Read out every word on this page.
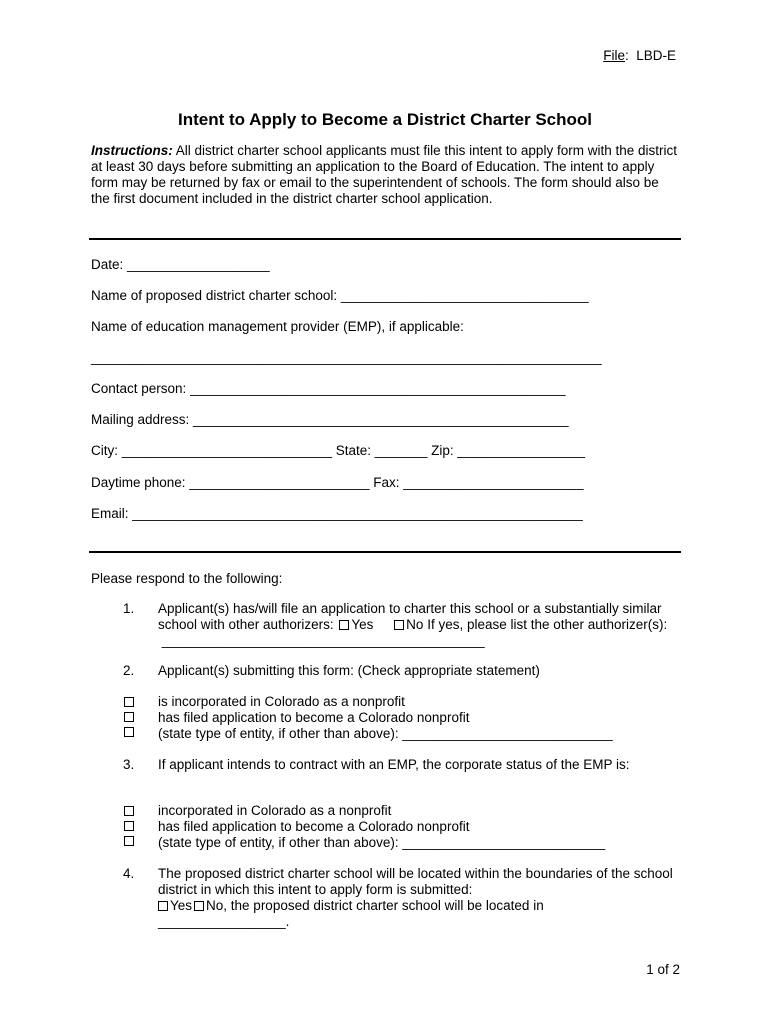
File:  LBD-E
Intent to Apply to Become a District Charter School
Instructions: All district charter school applicants must file this intent to apply form with the district at least 30 days before submitting an application to the Board of Education. The intent to apply form may be returned by fax or email to the superintendent of schools. The form should also be the first document included in the district charter school application.
Date: ___________________
Name of proposed district charter school: _________________________________
Name of education management provider (EMP), if applicable:
____________________________________________________________________
Contact person: __________________________________________________
Mailing address: __________________________________________________
City: ____________________________ State: _______ Zip: _________________
Daytime phone: ________________________ Fax: ________________________
Email: ____________________________________________________________
Please respond to the following:
1. Applicant(s) has/will file an application to charter this school or a substantially similar school with other authorizers: Yes No If yes, please list the other authorizer(s): ___________________________________________
2. Applicant(s) submitting this form: (Check appropriate statement)
is incorporated in Colorado as a nonprofit
has filed application to become a Colorado nonprofit
(state type of entity, if other than above): ____________________________
3. If applicant intends to contract with an EMP, the corporate status of the EMP is:
incorporated in Colorado as a nonprofit
has filed application to become a Colorado nonprofit
(state type of entity, if other than above): ___________________________
4. The proposed district charter school will be located within the boundaries of the school district in which this intent to apply form is submitted:
Yes No, the proposed district charter school will be located in
_________________.
1 of 2
